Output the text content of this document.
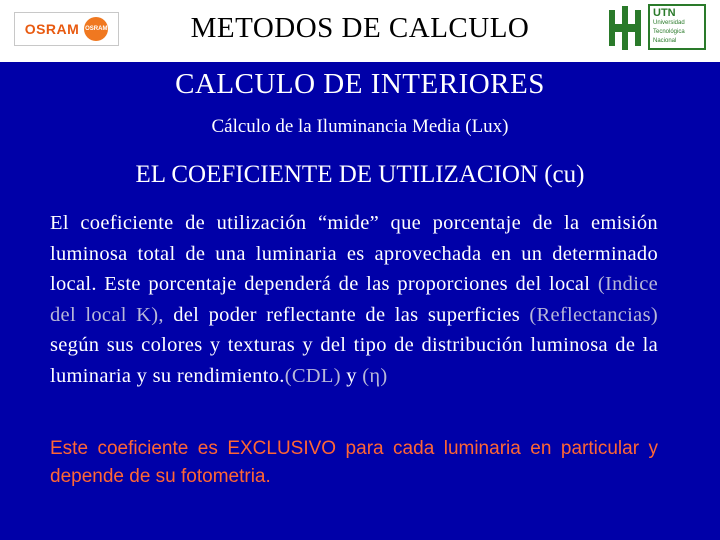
OSRAM OSRAM	METODOS DE CALCULO	UTN
Universidad
Tecnológica
Nacional
CALCULO DE INTERIORES
Cálculo de la Iluminancia Media (Lux)
EL COEFICIENTE DE UTILIZACION (cu)

El coeficiente de utilización “mide” que porcentaje de la emisión luminosa total de una luminaria es aprovechada en un determinado local. Este porcentaje dependerá de las proporciones del local (Indice del local K), del poder reflectante de las superficies (Reflectancias) según sus colores y texturas y del tipo de distribución luminosa de la luminaria y su rendimiento.(CDL) y (η)

Este coeficiente es EXCLUSIVO para cada luminaria en particular y depende de su fotometria.
